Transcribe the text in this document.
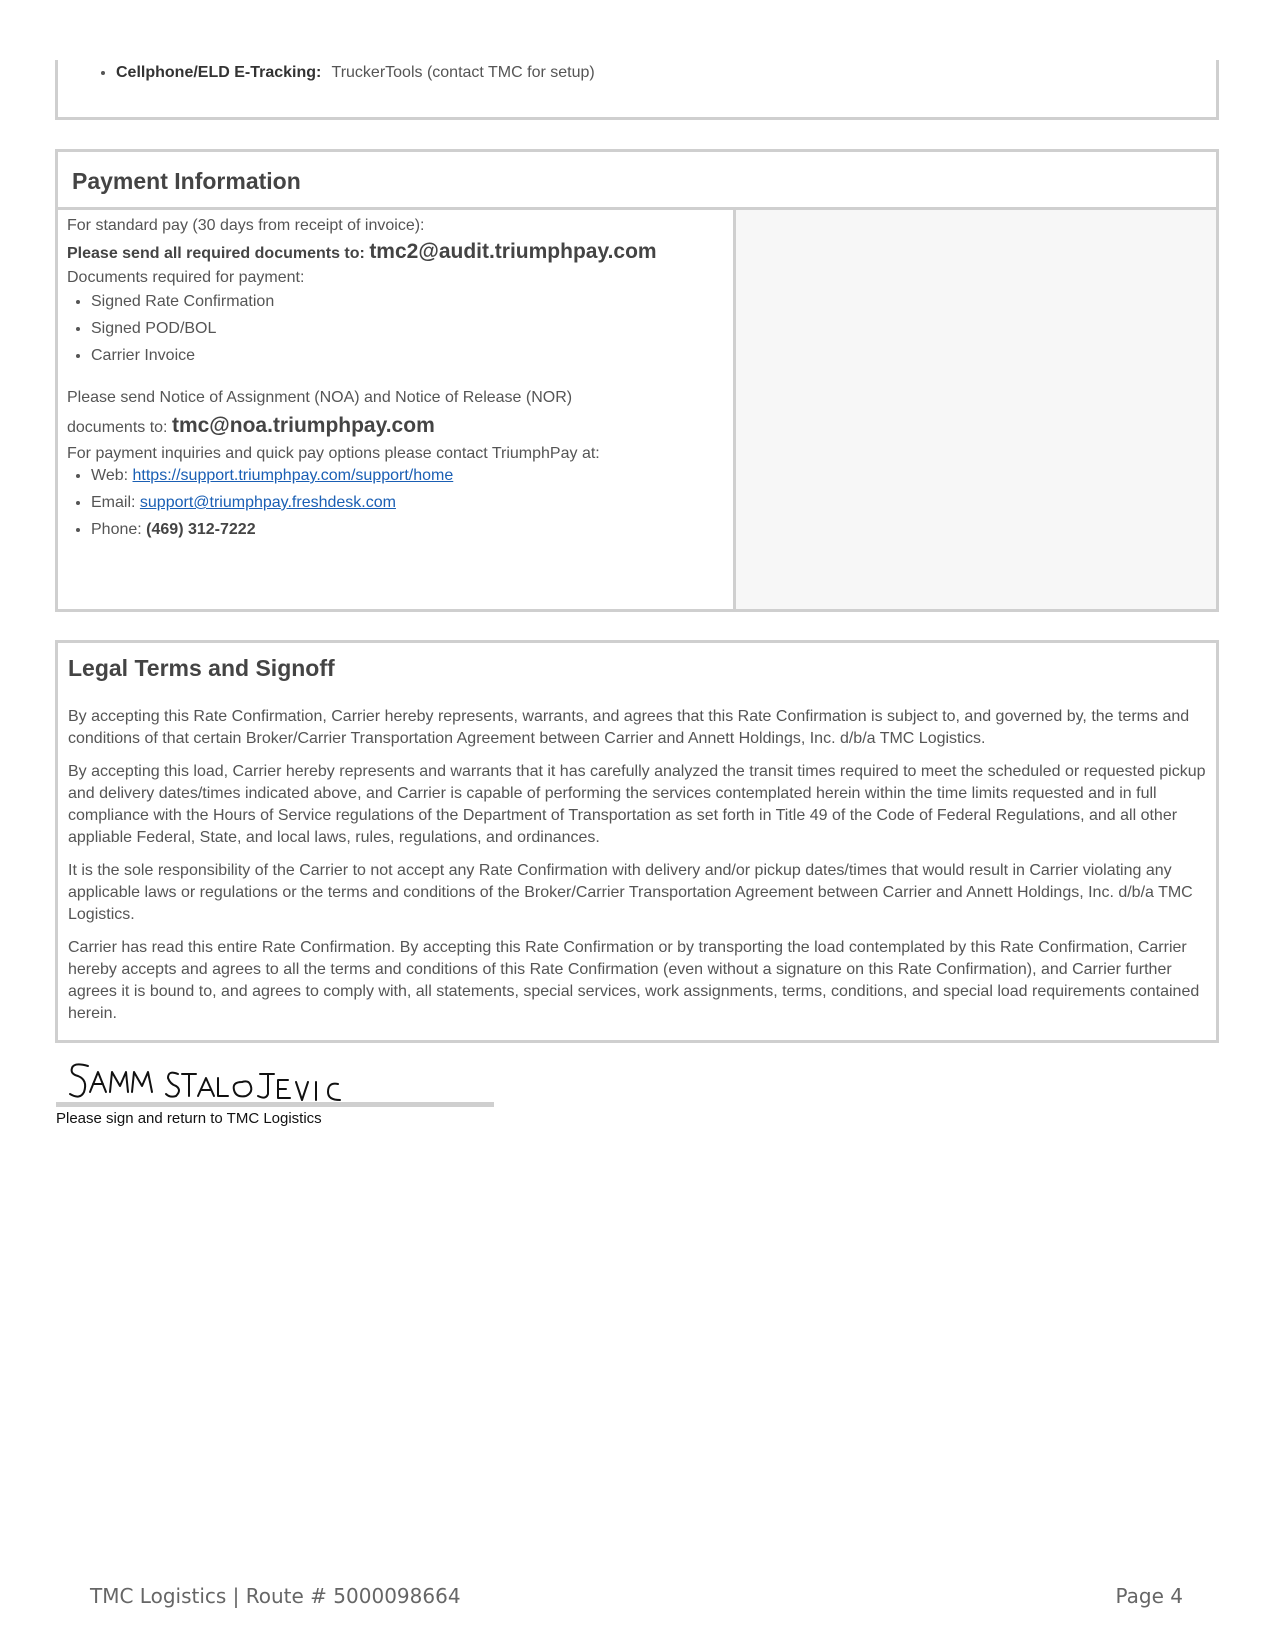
• Cellphone/ELD E-Tracking: TruckerTools (contact TMC for setup)
Payment Information

For standard pay (30 days from receipt of invoice):

Please send all required documents to: tmc2@audit.triumphpay.com

Documents required for payment:

• Signed Rate Confirmation
• Signed POD/BOL
• Carrier Invoice

Please send Notice of Assignment (NOA) and Notice of Release (NOR)

documents to: tmc@noa.triumphpay.com

For payment inquiries and quick pay options please contact TriumphPay at:

• Web: https://support.triumphpay.com/support/home
• Email: support@triumphpay.freshdesk.com
• Phone: (469) 312-7222
Legal Terms and Signoff

By accepting this Rate Confirmation, Carrier hereby represents, warrants, and agrees that this Rate Confirmation is subject to, and governed by, the terms and conditions of that certain Broker/Carrier Transportation Agreement between Carrier and Annett Holdings, Inc. d/b/a TMC Logistics.

By accepting this load, Carrier hereby represents and warrants that it has carefully analyzed the transit times required to meet the scheduled or requested pickup and delivery dates/times indicated above, and Carrier is capable of performing the services contemplated herein within the time limits requested and in full compliance with the Hours of Service regulations of the Department of Transportation as set forth in Title 49 of the Code of Federal Regulations, and all other appliable Federal, State, and local laws, rules, regulations, and ordinances.

It is the sole responsibility of the Carrier to not accept any Rate Confirmation with delivery and/or pickup dates/times that would result in Carrier violating any applicable laws or regulations or the terms and conditions of the Broker/Carrier Transportation Agreement between Carrier and Annett Holdings, Inc. d/b/a TMC Logistics.

Carrier has read this entire Rate Confirmation. By accepting this Rate Confirmation or by transporting the load contemplated by this Rate Confirmation, Carrier hereby accepts and agrees to all the terms and conditions of this Rate Confirmation (even without a signature on this Rate Confirmation), and Carrier further agrees it is bound to, and agrees to comply with, all statements, special services, work assignments, terms, conditions, and special load requirements contained herein.

Please sign and return to TMC Logistics
TMC Logistics | Route # 5000098664	Page 4
